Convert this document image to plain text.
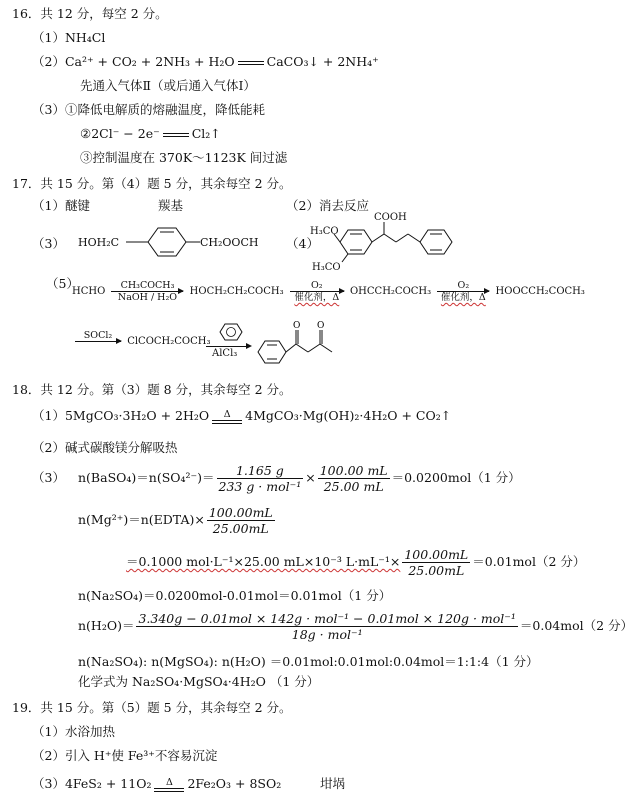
16．共 12 分，每空 2 分。
（1）NH₄Cl
（2）Ca²⁺ + CO₂ + 2NH₃ + H₂O	CaCO₃↓ + 2NH₄⁺
先通入气体Ⅱ（或后通入气体Ⅰ）
（3）①降低电解质的熔融温度，降低能耗
②2Cl⁻ − 2e⁻	Cl₂↑
③控制温度在 370K～1123K 间过滤
17．共 15 分。第（4）题 5 分，其余每空 2 分。
（1）醚键	羰基	（2）消去反应
（3） HOH₂C	CH₂OOCH （4）
COOH
H₃CO
H₃CO
（5）
HCHO
CH₃COCH₃
NaOH / H₂O
HOCH₂CH₂COCH₃
O₂
催化剂，Δ
OHCCH₂COCH₃
O₂
催化剂，Δ
HOOCCH₂COCH₃
SOCl₂

ClCOCH₂COCH₃
AlCl₃
O O
18．共 12 分。第（3）题 8 分，其余每空 2 分。
（1）5MgCO₃·3H₂O + 2H₂O	Δ	4MgCO₃·Mg(OH)₂·4H₂O + CO₂↑
（2）碱式碳酸镁分解吸热
（3） n(BaSO₄)＝n(SO₄²⁻)＝ $\frac{1.165 g}{\text{233 g · mol⁻¹}} \times \frac{100.00 mL}{25.00 mL} =0.0200mol(1$ 分）
n(Mg²⁺)＝n(EDTA)× $\frac{100.00mL}{25.00mL}$
＝0.1000 mol·L⁻¹×25.00 mL×10⁻³ $L\cdot mL^{-1}\times \frac{100.00mL}{25.00mL} =0.01mol(2$ 分）
n(Na₂SO₄)＝0.0200mol-0.01mol＝0.01mol（1 分）
$n(H_2O)= \frac{\text{3.340g − 0.01mol × 142g · mol⁻¹ − 0.01mol × 120g · mol⁻¹}}{\text{18g · mol⁻¹}} =0.04mol(2$ 分）
n(Na₂SO₄): n(MgSO₄): n(H₂O) ＝0.01mol:0.01mol:0.04mol＝1:1:4（1 分）
化学式为 Na₂SO₄·MgSO₄·4H₂O （1 分）
19．共 15 分。第（5）题 5 分，其余每空 2 分。
（1）水浴加热
（2）引入 H⁺使 Fe³⁺不容易沉淀
（3）4FeS₂ + 11O₂	Δ	2Fe₂O₃ + 8SO₂	坩埚
